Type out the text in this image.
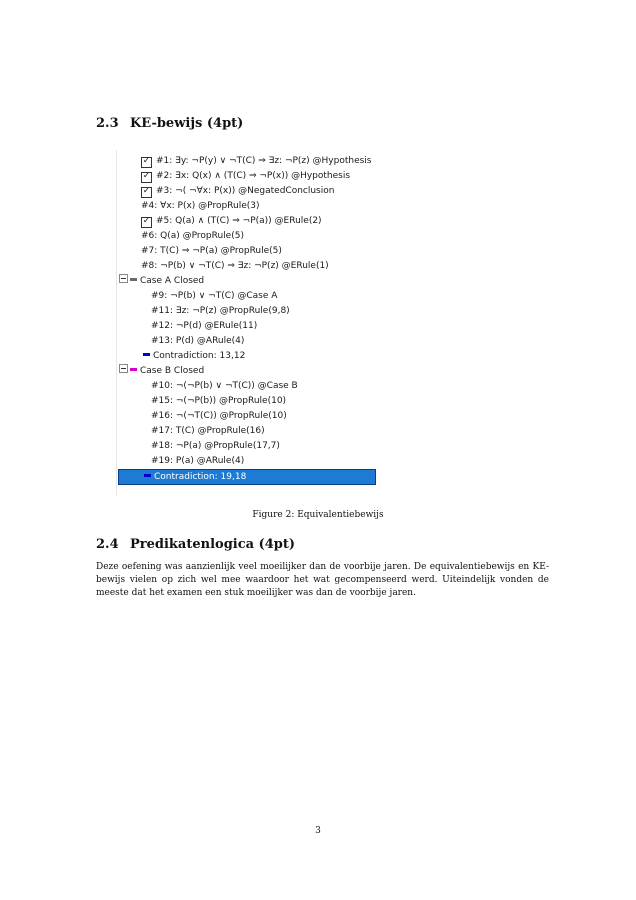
2.3 KE-bewijs (4pt)
✓#1: ∃y: ¬P(y) ∨ ¬T(C) ⇒ ∃z: ¬P(z) @Hypothesis
✓#2: ∃x: Q(x) ∧ (T(C) ⇒ ¬P(x)) @Hypothesis
✓#3: ¬( ¬∀x: P(x)) @NegatedConclusion
#4: ∀x: P(x) @PropRule(3)
✓#5: Q(a) ∧ (T(C) ⇒ ¬P(a)) @ERule(2)
#6: Q(a) @PropRule(5)
#7: T(C) ⇒ ¬P(a) @PropRule(5)
#8: ¬P(b) ∨ ¬T(C) ⇒ ∃z: ¬P(z) @ERule(1)
Case A Closed
#9: ¬P(b) ∨ ¬T(C) @Case A
#11: ∃z: ¬P(z) @PropRule(9,8)
#12: ¬P(d) @ERule(11)
#13: P(d) @ARule(4)
Contradiction: 13,12
Case B Closed
#10: ¬(¬P(b) ∨ ¬T(C)) @Case B
#15: ¬(¬P(b)) @PropRule(10)
#16: ¬(¬T(C)) @PropRule(10)
#17: T(C) @PropRule(16)
#18: ¬P(a) @PropRule(17,7)
#19: P(a) @ARule(4)
Contradiction: 19,18
Figure 2: Equivalentiebewijs
2.4 Predikatenlogica (4pt)
Deze oefening was aanzienlijk veel moeilijker dan de voorbije jaren. De equivalentiebewijs en KE-bewijs vielen op zich wel mee waardoor het wat gecompenseerd werd. Uiteindelijk vonden de meeste dat het examen een stuk moeilijker was dan de voorbije jaren.
3
